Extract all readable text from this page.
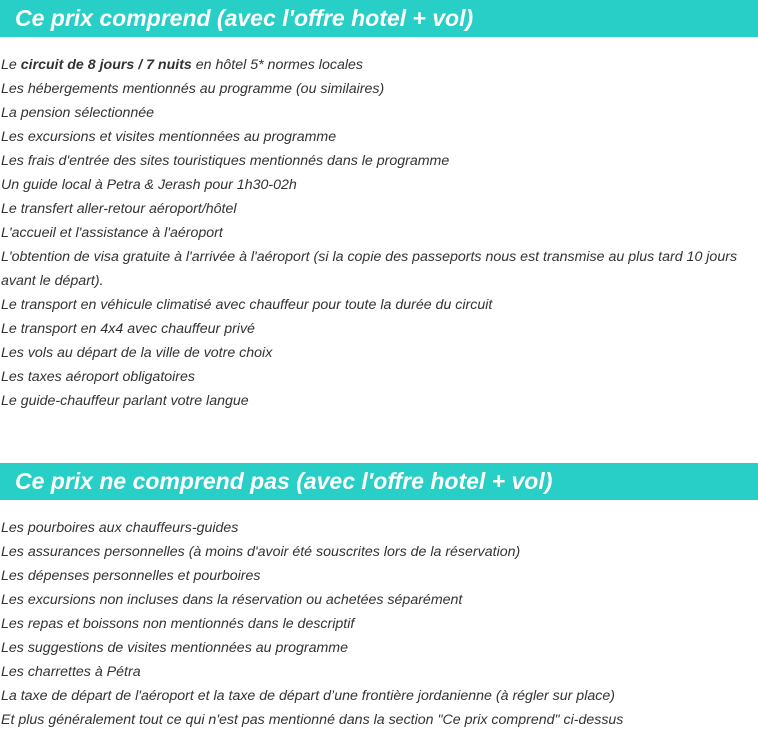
Ce prix comprend (avec l'offre hotel + vol)
Le circuit de 8 jours / 7 nuits en hôtel 5* normes locales
Les hébergements mentionnés au programme (ou similaires)
La pension sélectionnée
Les excursions et visites mentionnées au programme
Les frais d'entrée des sites touristiques mentionnés dans le programme
Un guide local à Petra & Jerash pour 1h30-02h
Le transfert aller-retour aéroport/hôtel
L'accueil et l'assistance à l'aéroport
L'obtention de visa gratuite à l'arrivée à l'aéroport (si la copie des passeports nous est transmise au plus tard 10 jours avant le départ).
Le transport en véhicule climatisé avec chauffeur pour toute la durée du circuit
Le transport en 4x4 avec chauffeur privé
Les vols au départ de la ville de votre choix
Les taxes aéroport obligatoires
Le guide-chauffeur parlant votre langue
Ce prix ne comprend pas (avec l'offre hotel + vol)
Les pourboires aux chauffeurs-guides
Les assurances personnelles (à moins d'avoir été souscrites lors de la réservation)
Les dépenses personnelles et pourboires
Les excursions non incluses dans la réservation ou achetées séparément
Les repas et boissons non mentionnés dans le descriptif
Les suggestions de visites mentionnées au programme
Les charrettes à Pétra
La taxe de départ de l'aéroport et la taxe de départ d’une frontière jordanienne (à régler sur place)
Et plus généralement tout ce qui n'est pas mentionné dans la section "Ce prix comprend" ci-dessus
